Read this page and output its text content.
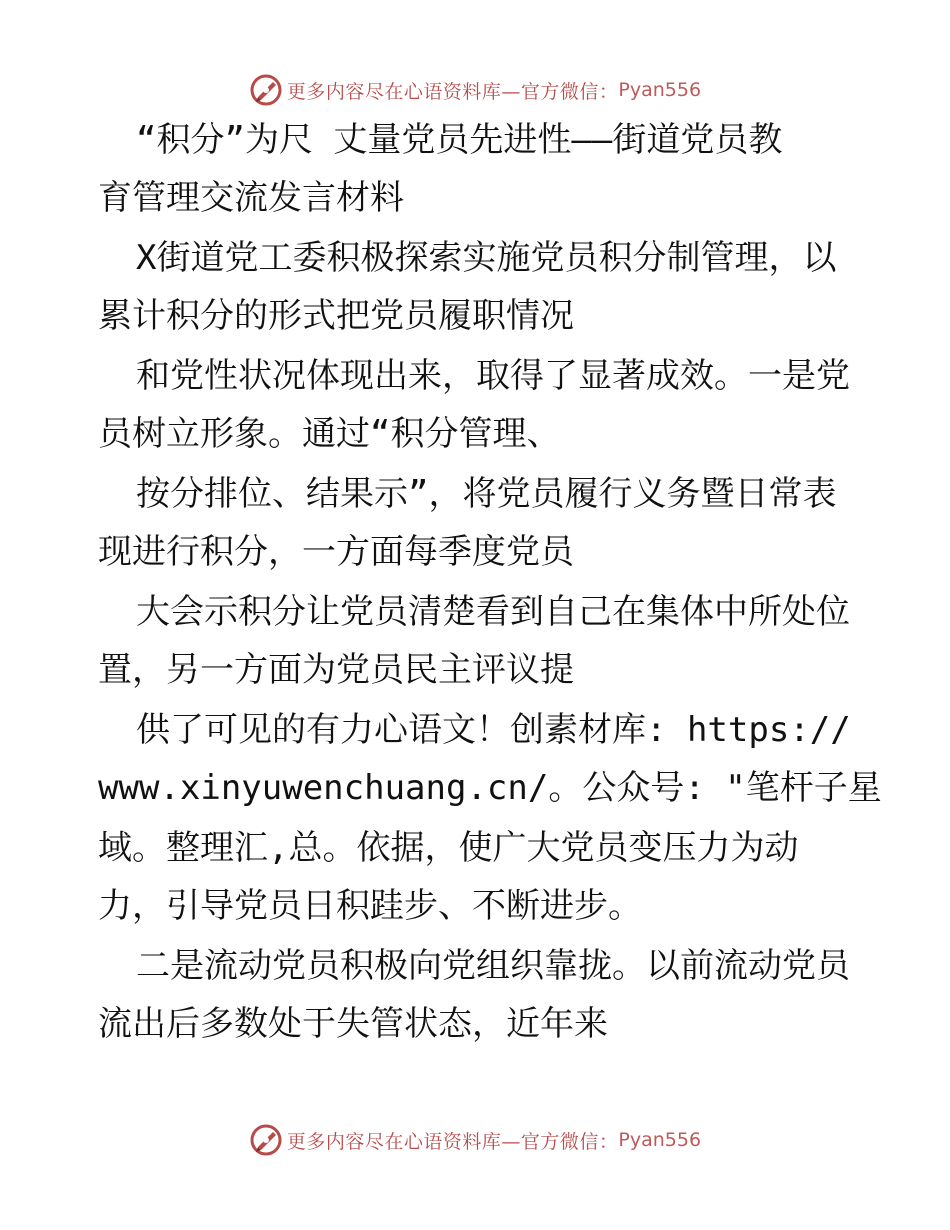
更多内容尽在心语资料库—官方微信： Pyan556
“积分”为尺 丈量党员先进性——街道党员教
育管理交流发言材料
X街道党工委积极探索实施党员积分制管理，以
累计积分的形式把党员履职情况
和党性状况体现出来，取得了显著成效。一是党
员树立形象。通过“积分管理、
按分排位、结果示”，将党员履行义务暨日常表
现进行积分，一方面每季度党员
大会示积分让党员清楚看到自己在集体中所处位
置，另一方面为党员民主评议提
供了可见的有力心语文！创素材库: https://
www.xinyuwenchuang.cn/。公众号: "笔杆子星
域。整理汇,总。依据，使广大党员变压力为动
力，引导党员日积跬步、不断进步。
二是流动党员积极向党组织靠拢。以前流动党员
流出后多数处于失管状态，近年来
更多内容尽在心语资料库—官方微信： Pyan556
